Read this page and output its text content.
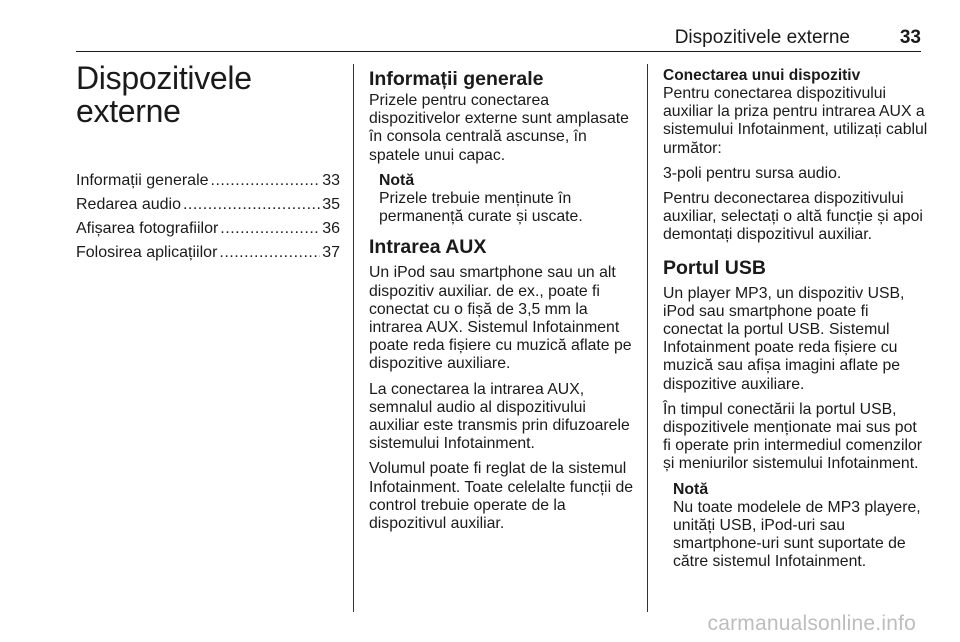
Dispozitivele externe	33
Dispozitivele
externe
Informații generale .....	33
Redarea audio .....	35
Afișarea fotografiilor .....	36
Folosirea aplicațiilor .....	37
Informații generale

Prizele pentru conectarea dispozitivelor externe sunt amplasate în consola centrală ascunse, în spatele unui capac.

Notă
Prizele trebuie menținute în permanență curate și uscate.
Intrarea AUX

Un iPod sau smartphone sau un alt dispozitiv auxiliar. de ex., poate fi conectat cu o fișă de 3,5 mm la intrarea AUX. Sistemul Infotainment poate reda fișiere cu muzică aflate pe dispozitive auxiliare.

La conectarea la intrarea AUX, semnalul audio al dispozitivului auxiliar este transmis prin difuzoarele sistemului Infotainment.

Volumul poate fi reglat de la sistemul Infotainment. Toate celelalte funcții de control trebuie operate de la dispozitivul auxiliar.

Conectarea unui dispozitiv

Pentru conectarea dispozitivului auxiliar la priza pentru intrarea AUX a sistemului Infotainment, utilizați cablul următor:

3-poli pentru sursa audio.

Pentru deconectarea dispozitivului auxiliar, selectați o altă funcție și apoi demontați dispozitivul auxiliar.

Portul USB

Un player MP3, un dispozitiv USB, iPod sau smartphone poate fi conectat la portul USB. Sistemul Infotainment poate reda fișiere cu muzică sau afișa imagini aflate pe dispozitive auxiliare.

În timpul conectării la portul USB, dispozitivele menționate mai sus pot fi operate prin intermediul comenzilor și meniurilor sistemului Infotainment.

Notă
Nu toate modelele de MP3 playere, unități USB, iPod-uri sau smartphone-uri sunt suportate de către sistemul Infotainment.
carmanualsonline.info
